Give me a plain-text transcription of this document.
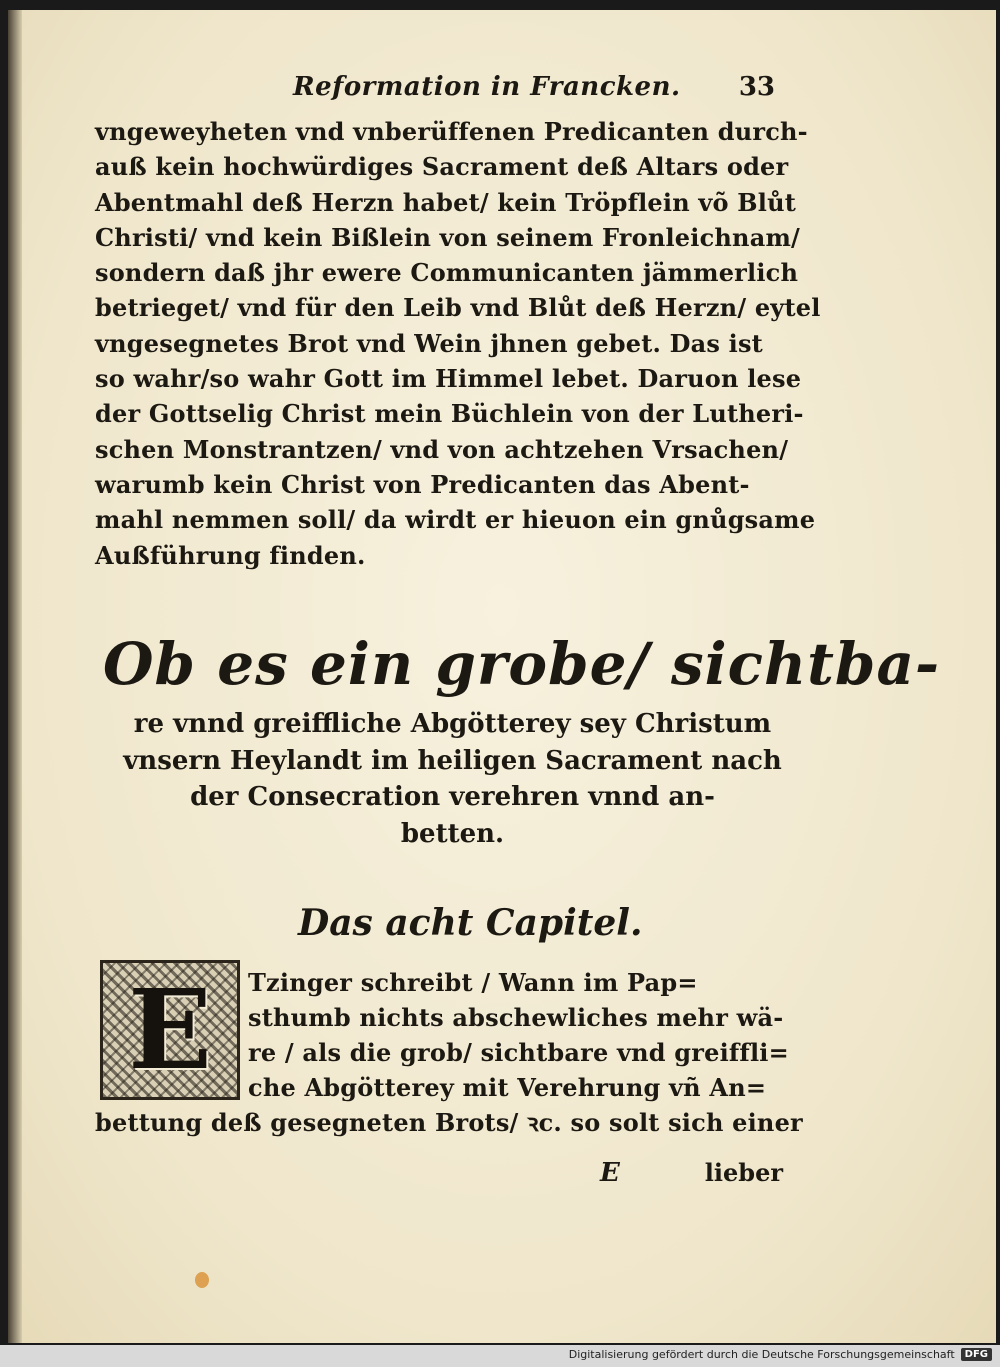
Reformation in Francken. 33
vngeweyheten vnd vnberüffenen Predicanten durch-
auß kein hochwürdiges Sacrament deß Altars oder
Abentmahl deß Herzn habet/ kein Tröpflein võ Blůt
Christi/ vnd kein Bißlein von seinem Fronleichnam/
sondern daß jhr ewere Communicanten jämmerlich
betrieget/ vnd für den Leib vnd Blůt deß Herzn/ eytel
vngesegnetes Brot vnd Wein jhnen gebet. Das ist
so wahr/so wahr Gott im Himmel lebet. Daruon lese
der Gottselig Christ mein Büchlein von der Lutheri-
schen Monstrantzen/ vnd von achtzehen Vrsachen/
warumb kein Christ von Predicanten das Abent-
mahl nemmen soll/ da wirdt er hieuon ein gnůgsame
Außführung finden.
Ob es ein grobe/ sichtba-
re vnnd greiffliche Abgötterey sey Christum
vnsern Heylandt im heiligen Sacrament nach
der Consecration verehren vnnd an-
betten.
Das acht Capitel.
E Tzinger schreibt / Wann im Pap=
sthumb nichts abschewliches mehr wä-
re / als die grob/ sichtbare vnd greiffli=
che Abgötterey mit Verehrung vñ An=
bettung deß gesegneten Brots/ ꝛc. so solt sich einer
E	lieber
Digitalisierung gefördert durch die Deutsche Forschungsgemeinschaft	DFG
